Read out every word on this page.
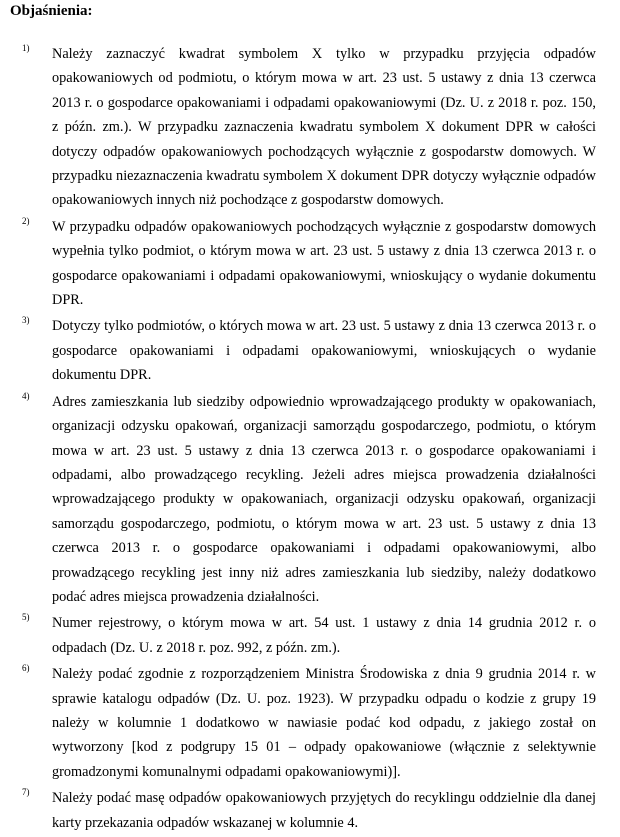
Objaśnienia:
1) Należy zaznaczyć kwadrat symbolem X tylko w przypadku przyjęcia odpadów opakowaniowych od podmiotu, o którym mowa w art. 23 ust. 5 ustawy z dnia 13 czerwca 2013 r. o gospodarce opakowaniami i odpadami opakowaniowymi (Dz. U. z 2018 r. poz. 150, z późn. zm.). W przypadku zaznaczenia kwadratu symbolem X dokument DPR w całości dotyczy odpadów opakowaniowych pochodzących wyłącznie z gospodarstw domowych. W przypadku niezaznaczenia kwadratu symbolem X dokument DPR dotyczy wyłącznie odpadów opakowaniowych innych niż pochodzące z gospodarstw domowych.

2) W przypadku odpadów opakowaniowych pochodzących wyłącznie z gospodarstw domowych wypełnia tylko podmiot, o którym mowa w art. 23 ust. 5 ustawy z dnia 13 czerwca 2013 r. o gospodarce opakowaniami i odpadami opakowaniowymi, wnioskujący o wydanie dokumentu DPR.

3) Dotyczy tylko podmiotów, o których mowa w art. 23 ust. 5 ustawy z dnia 13 czerwca 2013 r. o gospodarce opakowaniami i odpadami opakowaniowymi, wnioskujących o wydanie dokumentu DPR.

4) Adres zamieszkania lub siedziby odpowiednio wprowadzającego produkty w opakowaniach, organizacji odzysku opakowań, organizacji samorządu gospodarczego, podmiotu, o którym mowa w art. 23 ust. 5 ustawy z dnia 13 czerwca 2013 r. o gospodarce opakowaniami i odpadami, albo prowadzącego recykling. Jeżeli adres miejsca prowadzenia działalności wprowadzającego produkty w opakowaniach, organizacji odzysku opakowań, organizacji samorządu gospodarczego, podmiotu, o którym mowa w art. 23 ust. 5 ustawy z dnia 13 czerwca 2013 r. o gospodarce opakowaniami i odpadami opakowaniowymi, albo prowadzącego recykling jest inny niż adres zamieszkania lub siedziby, należy dodatkowo podać adres miejsca prowadzenia działalności.

5) Numer rejestrowy, o którym mowa w art. 54 ust. 1 ustawy z dnia 14 grudnia 2012 r. o odpadach (Dz. U. z 2018 r. poz. 992, z późn. zm.).

6) Należy podać zgodnie z rozporządzeniem Ministra Środowiska z dnia 9 grudnia 2014 r. w sprawie katalogu odpadów (Dz. U. poz. 1923). W przypadku odpadu o kodzie z grupy 19 należy w kolumnie 1 dodatkowo w nawiasie podać kod odpadu, z jakiego został on wytworzony [kod z podgrupy 15 01 – odpady opakowaniowe (włącznie z selektywnie gromadzonymi komunalnymi odpadami opakowaniowymi)].

7) Należy podać masę odpadów opakowaniowych przyjętych do recyklingu oddzielnie dla danej karty przekazania odpadów wskazanej w kolumnie 4.
